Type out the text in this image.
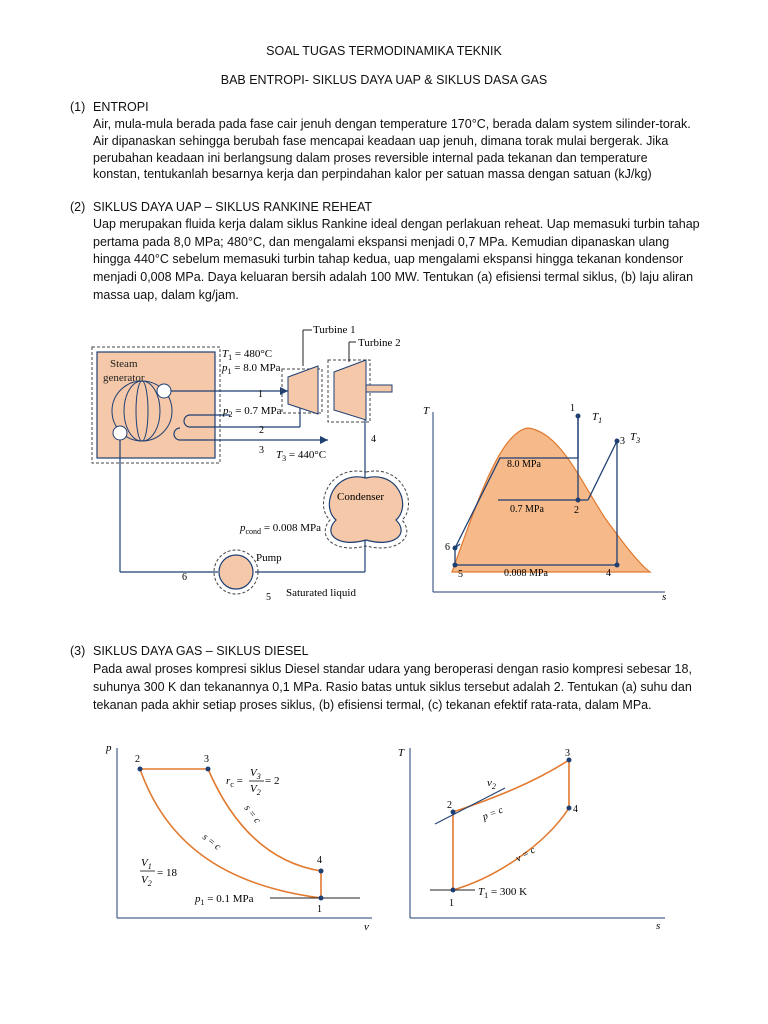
SOAL TUGAS TERMODINAMIKA TEKNIK
BAB ENTROPI- SIKLUS DAYA UAP & SIKLUS DASA GAS
(1) ENTROPI
Air, mula-mula berada pada fase cair jenuh dengan temperature 170°C, berada dalam system silinder-torak.
Air dipanaskan sehingga berubah fase mencapai keadaan uap jenuh, dimana torak mulai bergerak. Jika
perubahan keadaan ini berlangsung dalam proses reversible internal pada tekanan dan temperature
konstan, tentukanlah besarnya kerja dan perpindahan kalor per satuan massa dengan satuan (kJ/kg)
(2) SIKLUS DAYA UAP – SIKLUS RANKINE REHEAT
Uap merupakan fluida kerja dalam siklus Rankine ideal dengan perlakuan reheat. Uap memasuki turbin tahap
pertama pada 8,0 MPa; 480°C, dan mengalami ekspansi menjadi 0,7 MPa. Kemudian dipanaskan ulang
hingga 440°C sebelum memasuki turbin tahap kedua, uap mengalami ekspansi hingga tekanan kondensor
menjadi 0,008 MPa. Daya keluaran bersih adalah 100 MW. Tentukan (a) efisiensi termal siklus, (b) laju aliran
massa uap, dalam kg/jam.
Steam
generator
Turbine 1
Turbine 2
$T_1 = 480^\circ C$
$p_1 = 8.0$ MPa
$p_2 = 0.7$ MPa
$T_3 = 440^\circ C$
1
2
3
4
5
6
Condenser
$p_{cond} = 0.008$ MPa
Pump
Saturated liquid
T
s
8.0 MPa
0.7 MPa
0.008 MPa
1
2
3
4
5
6
$T_1$
$T_3$
(3) SIKLUS DAYA GAS – SIKLUS DIESEL
Pada awal proses kompresi siklus Diesel standar udara yang beroperasi dengan rasio kompresi sebesar 18,
suhunya 300 K dan tekanannya 0,1 MPa. Rasio batas untuk siklus tersebut adalah 2. Tentukan (a) suhu dan
tekanan pada akhir setiap proses siklus, (b) efisiensi termal, (c) tekanan efektif rata-rata, dalam MPa.
p
v
2	3
4
1
$r_c$ =
$V_3$
$V_2$
= 2
$V_1$
$V_2$
= 18
s = c
s = c
$p_1 = 0.1$ MPa
T
s
1
2
3
4
$v_2$
p = c
v = c
$T_1 = 300$ K
